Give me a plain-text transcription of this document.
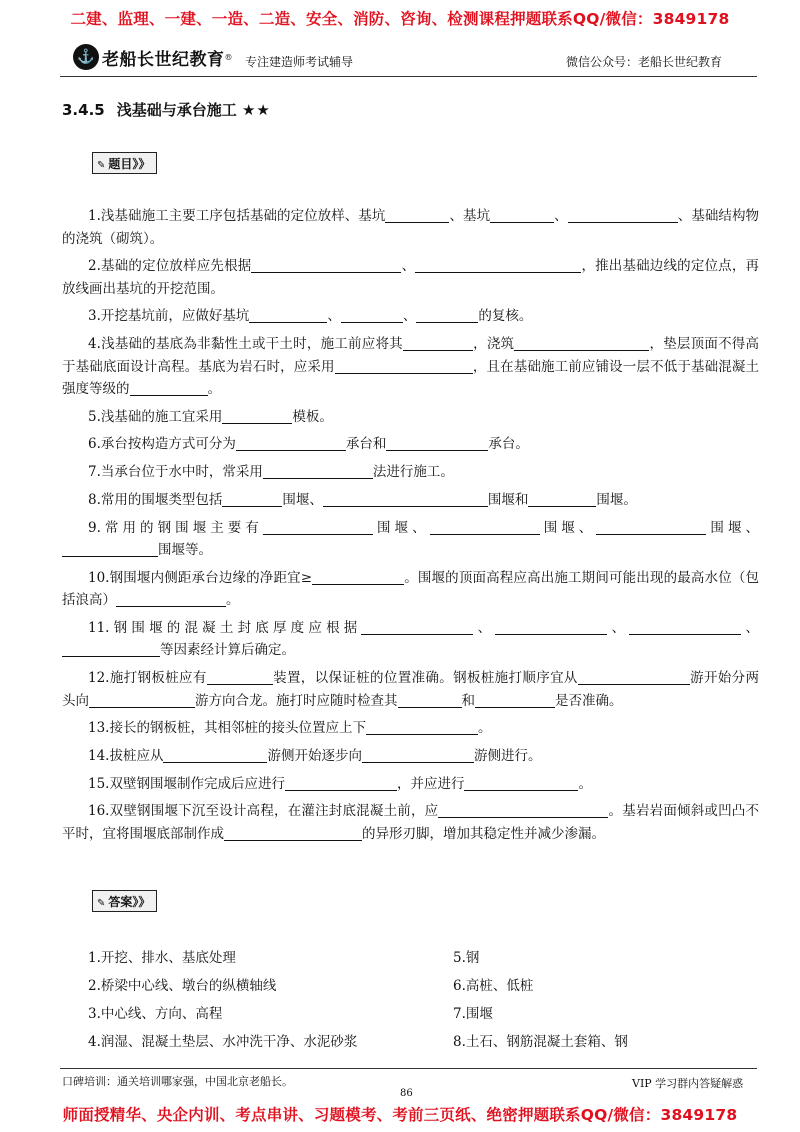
二建、监理、一建、一造、二造、安全、消防、咨询、检测课程押题联系QQ/微信：3849178
⚓ 老船长世纪教育 ® 专注建造师考试辅导	微信公众号：老船长世纪教育
3.4.5 浅基础与承台施工 ★★
✎ 题目》》
1.浅基础施工主要工序包括基础的定位放样、基坑	、基坑	、	、基础结构物的浇筑（砌筑）。
2.基础的定位放样应先根据	、	，推出基础边线的定位点，再放线画出基坑的开挖范围。
3.开挖基坑前，应做好基坑	、	、	的复核。
4.浅基础的基底為非黏性土或干土时，施工前应将其	，浇筑	，垫层顶面不得高于基础底面设计高程。基底为岩石时，应采用	，且在基础施工前应铺设一层不低于基础混凝土强度等级的	。
5.浅基础的施工宜采用	模板。
6.承台按构造方式可分为	承台和	承台。
7.当承台位于水中时，常采用	法进行施工。
8.常用的围堰类型包括	围堰、	围堰和	围堰。
9.常用的钢围堰主要有	围堰、	围堰、	围堰、围堰等。
10.钢围堰内侧距承台边缘的净距宜≥	。围堰的顶面高程应高出施工期间可能出现的最高水位（包括浪高）	。
11.钢围堰的混凝土封底厚度应根据	、	、	、等因素经计算后确定。
12.施打钢板桩应有	装置，以保证桩的位置准确。钢板桩施打顺序宜从	游开始分两头向	游方向合龙。施打时应随时检查其	和	是否准确。
13.接长的钢板桩，其相邻桩的接头位置应上下	。
14.拔桩应从	游侧开始逐步向	游侧进行。
15.双壁钢围堰制作完成后应进行	，并应进行	。
16.双壁钢围堰下沉至设计高程，在灌注封底混凝土前，应	。基岩岩面倾斜或凹凸不平时，宜将围堰底部制作成	的异形刃脚，增加其稳定性并减少渗漏。
✎ 答案》》
1.开挖、排水、基底处理
2.桥梁中心线、墩台的纵横轴线
3.中心线、方向、高程
4.润湿、混凝土垫层、水冲洗干净、水泥砂浆
5.钢
6.高桩、低桩
7.围堰
8.土石、钢筋混凝土套箱、钢
口碑培训：通关培训哪家强，中国北京老船长。	VIP 学习群内答疑解惑
86
师面授精华、央企内训、考点串讲、习题模考、考前三页纸、绝密押题联系QQ/微信：3849178
